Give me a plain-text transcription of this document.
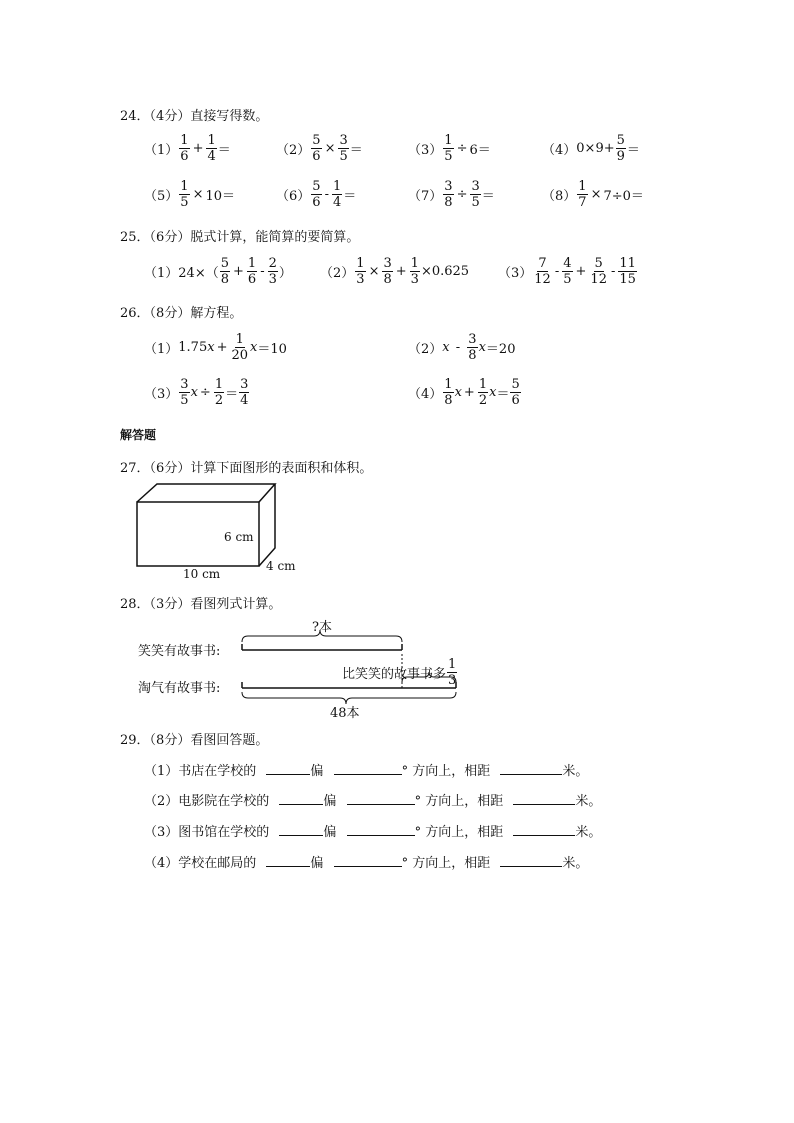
24．（4分）直接写得数。
$(1) \frac{1}{6} + \frac{1}{4}$ ＝	$(2) \frac{5}{6} \times \frac{3}{5}$ ＝	$(3) \frac{1}{5} \div 6=$	（4） $0\times 9+ \frac{5}{9}$ ＝
$(5) \frac{1}{5} \times 10=$	$(6) \frac{5}{6} - \frac{1}{4}$ ＝	$(7) \frac{3}{8} \div \frac{3}{5}$ ＝	$(8) \frac{1}{7} \times 7\div 0=$
25．（6分）脱式计算，能简算的要简算。
（1） $24\times( \frac{5}{8} + \frac{1}{6} - \frac{2}{3}$ ） $(2) \frac{1}{3} \times \frac{3}{8} + \frac{1}{3} \times 0.625$ $(3) \frac{7}{12} - \frac{4}{5} + \frac{5}{12} - \frac{11}{15}$
26．（8分）解方程。
（1） 1.75 $x + \frac{1}{20}$ x ＝10	（2） x - $\frac{3}{8}$ x ＝20
$(3) \frac{3}{5}$ $x \div \frac{1}{2} = \frac{3}{4}$	$(4) \frac{1}{8}$ $x + \frac{1}{2}$ $x = \frac{5}{6}$
解答题
27．（6分）计算下面图形的表面积和体积。
6 cm
10 cm
4 cm
28．（3分）看图列式计算。
笑笑有故事书:
淘气有故事书:
?本
比笑笑的故事书多 $\frac{1}{3}$
48本
29．（8分）看图回答题。
（1）书店在学校的	偏	° 方向上，相距	米。
（2）电影院在学校的	偏	° 方向上，相距	米。
（3）图书馆在学校的	偏	° 方向上，相距	米。
（4）学校在邮局的	偏	° 方向上，相距	米。
